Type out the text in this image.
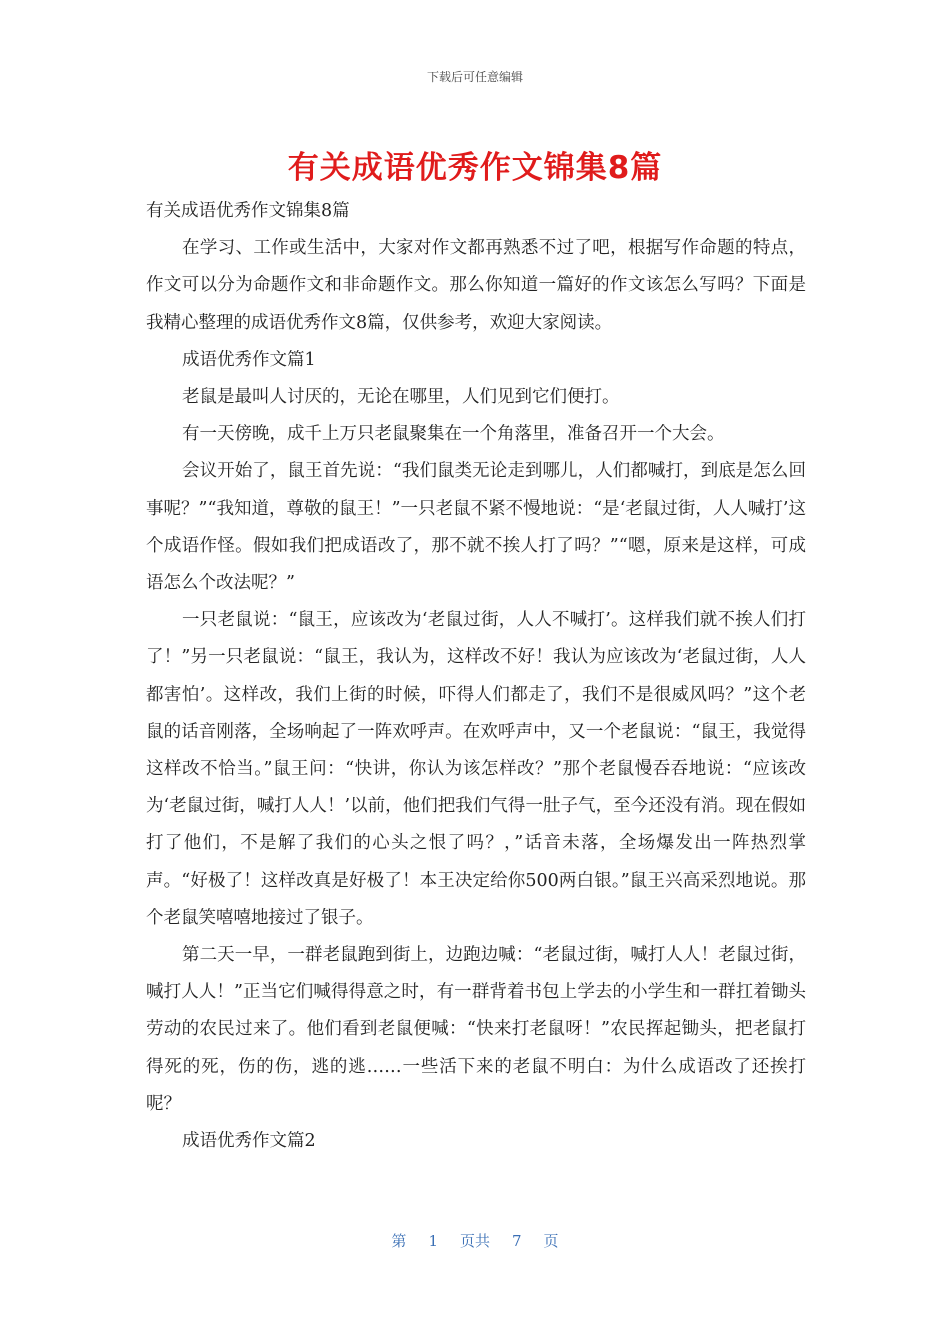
下载后可任意编辑
有关成语优秀作文锦集8篇

有关成语优秀作文锦集8篇

在学习、工作或生活中，大家对作文都再熟悉不过了吧，根据写作命题的特点，作文可以分为命题作文和非命题作文。那么你知道一篇好的作文该怎么写吗？下面是我精心整理的成语优秀作文8篇，仅供参考，欢迎大家阅读。

成语优秀作文篇1

老鼠是最叫人讨厌的，无论在哪里，人们见到它们便打。

有一天傍晚，成千上万只老鼠聚集在一个角落里，准备召开一个大会。

会议开始了，鼠王首先说：“我们鼠类无论走到哪儿，人们都喊打，到底是怎么回事呢？”“我知道，尊敬的鼠王！”一只老鼠不紧不慢地说：“是‘老鼠过街，人人喊打’这个成语作怪。假如我们把成语改了，那不就不挨人打了吗？”“嗯，原来是这样，可成语怎么个改法呢？”

一只老鼠说：“鼠王，应该改为‘老鼠过街，人人不喊打’。这样我们就不挨人们打了！”另一只老鼠说：“鼠王，我认为，这样改不好！我认为应该改为‘老鼠过街，人人都害怕’。这样改，我们上街的时候，吓得人们都走了，我们不是很威风吗？”这个老鼠的话音刚落，全场响起了一阵欢呼声。在欢呼声中，又一个老鼠说：“鼠王，我觉得这样改不恰当。”鼠王问：“快讲，你认为该怎样改？”那个老鼠慢吞吞地说：“应该改为‘老鼠过街，喊打人人！’以前，他们把我们气得一肚子气，至今还没有消。现在假如打了他们，不是解了我们的心头之恨了吗？，”话音未落，全场爆发出一阵热烈掌声。“好极了！这样改真是好极了！本王决定给你500两白银。”鼠王兴高采烈地说。那个老鼠笑嘻嘻地接过了银子。

第二天一早，一群老鼠跑到街上，边跑边喊：“老鼠过街，喊打人人！老鼠过街，喊打人人！”正当它们喊得得意之时，有一群背着书包上学去的小学生和一群扛着锄头劳动的农民过来了。他们看到老鼠便喊：“快来打老鼠呀！”农民挥起锄头，把老鼠打得死的死，伤的伤，逃的逃……一些活下来的老鼠不明白：为什么成语改了还挨打呢？

成语优秀作文篇2

第 1 页共 7 页
